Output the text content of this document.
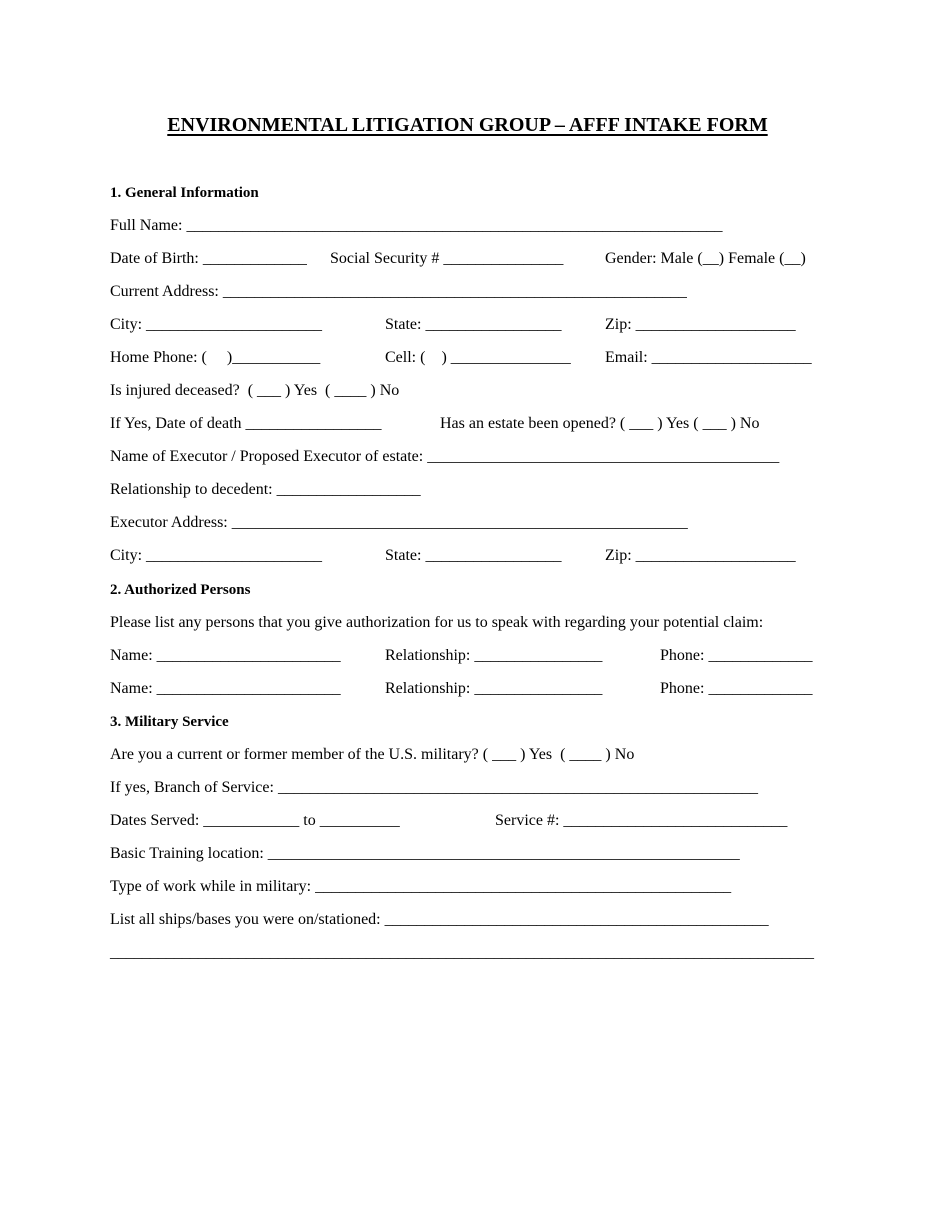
ENVIRONMENTAL LITIGATION GROUP – AFFF INTAKE FORM
1. General Information
Full Name: ___________________________________________________________________
Date of Birth: _____________ Social Security # _______________	Gender: Male (__) Female (__)
Current Address: __________________________________________________________
City: ______________________	State: _________________	Zip: ____________________
Home Phone: (     )___________	Cell: (    ) _______________ Email: ____________________
Is injured deceased?  ( ___ ) Yes  ( ____ ) No
If Yes, Date of death _________________	Has an estate been opened? ( ___ ) Yes ( ___ ) No
Name of Executor / Proposed Executor of estate: ____________________________________________
Relationship to decedent: __________________
Executor Address: _________________________________________________________
City: ______________________	State: _________________	Zip: ____________________
2. Authorized Persons
Please list any persons that you give authorization for us to speak with regarding your potential claim:
Name: _______________________	Relationship: ________________	Phone: _____________
Name: _______________________	Relationship: ________________	Phone: _____________
3. Military Service
Are you a current or former member of the U.S. military? ( ___ ) Yes  ( ____ ) No
If yes, Branch of Service: ____________________________________________________________
Dates Served: ____________ to __________	Service #: ____________________________
Basic Training location: ___________________________________________________________
Type of work while in military: ____________________________________________________
List all ships/bases you were on/stationed: ________________________________________________
________________________________________________________________________________________
